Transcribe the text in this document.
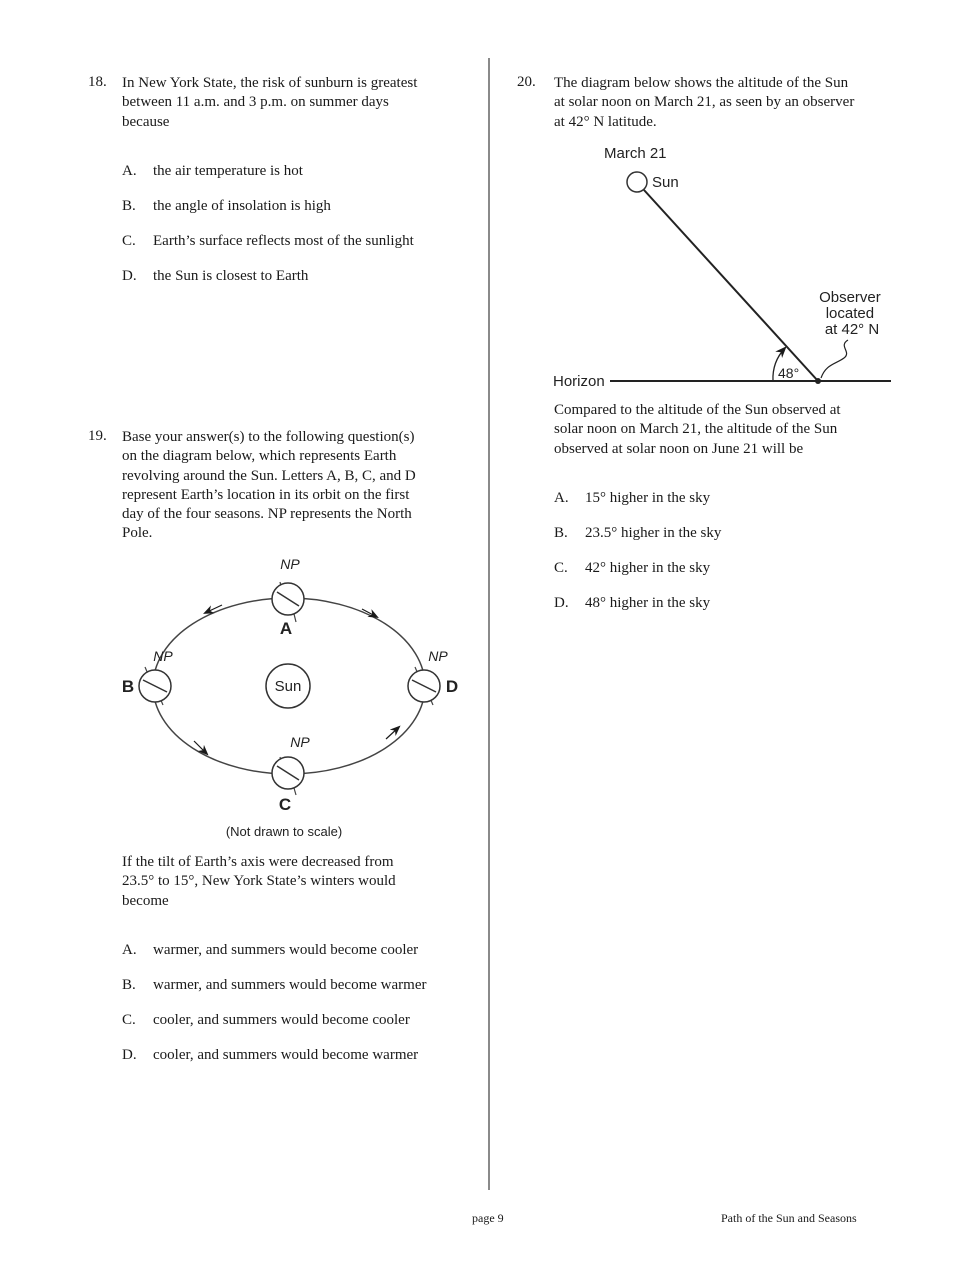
18. In New York State, the risk of sunburn is greatest
between 11 a.m. and 3 p.m. on summer days
because

A. the air temperature is hot
B. the angle of insolation is high
C. Earth’s surface reflects most of the sunlight
D. the Sun is closest to Earth
19. Base your answer(s) to the following question(s)
on the diagram below, which represents Earth
revolving around the Sun. Letters A, B, C, and D
represent Earth’s location in its orbit on the first
day of the four seasons. NP represents the North
Pole.

Sun
NP
A
NP
B
NP
C
NP
D
(Not drawn to scale)

If the tilt of Earth’s axis were decreased from
23.5° to 15°, New York State’s winters would
become

A. warmer, and summers would become cooler
B. warmer, and summers would become warmer
C. cooler, and summers would become cooler
D. cooler, and summers would become warmer
20. The diagram below shows the altitude of the Sun
at solar noon on March 21, as seen by an observer
at 42° N latitude.

March 21
Sun
Horizon	48°
Observer located at 42° N

Compared to the altitude of the Sun observed at
solar noon on March 21, the altitude of the Sun
observed at solar noon on June 21 will be

A. 15° higher in the sky
B. 23.5° higher in the sky
C. 42° higher in the sky
D. 48° higher in the sky
page 9	Path of the Sun and Seasons
